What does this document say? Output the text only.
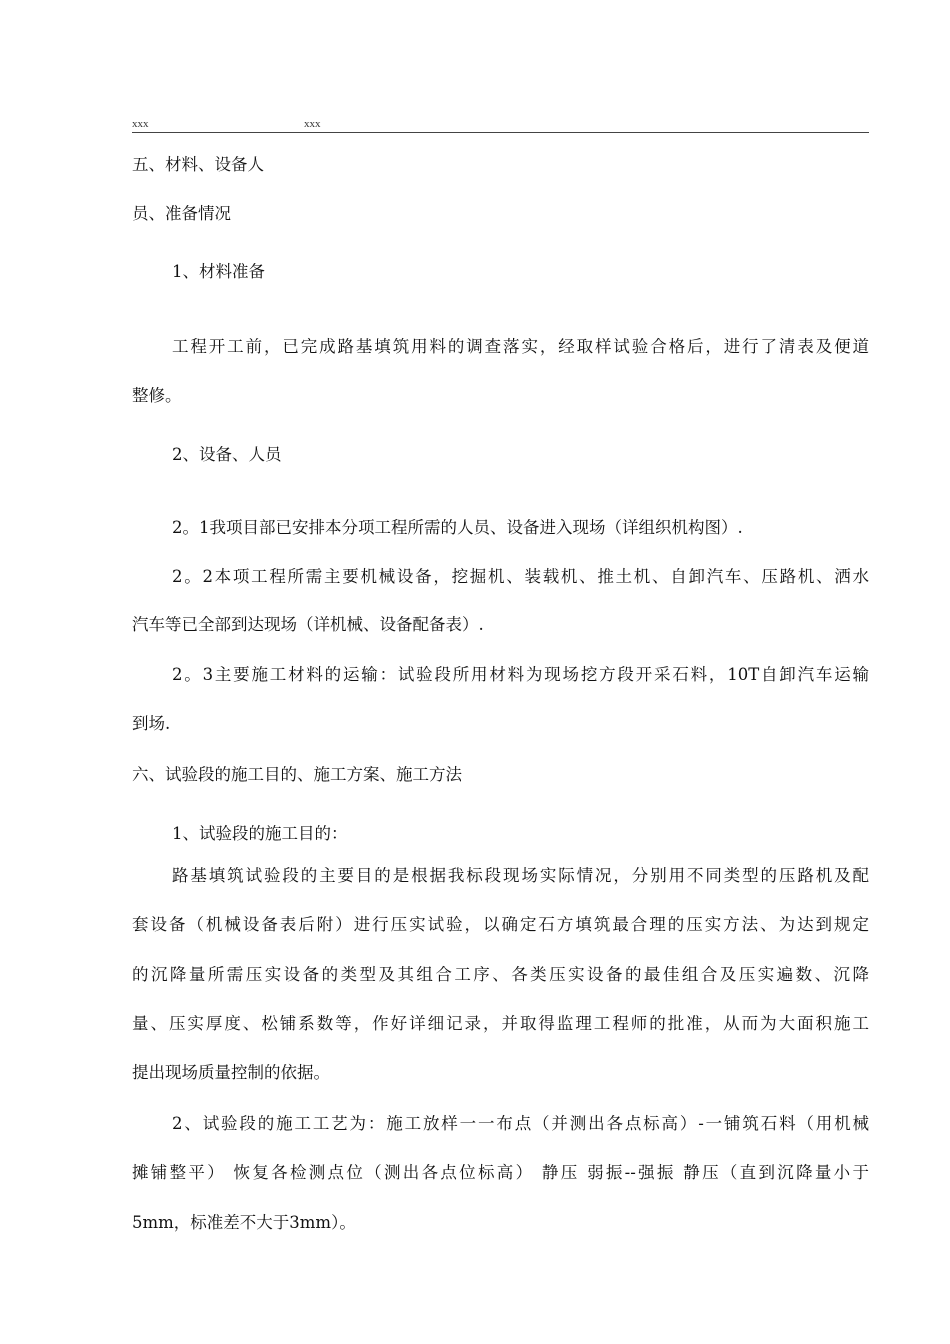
xxx	xxx
五、材料、设备人
员、准备情况
1、材料准备
工程开工前，已完成路基填筑用料的调查落实，经取样试验合格后，进行了清表及便道
整修。
2、设备、人员
2。1我项目部已安排本分项工程所需的人员、设备进入现场（详组织机构图）.
2。2本项工程所需主要机械设备，挖掘机、装载机、推土机、自卸汽车、压路机、洒水
汽车等已全部到达现场（详机械、设备配备表）.
2。3主要施工材料的运输：试验段所用材料为现场挖方段开采石料，10T自卸汽车运输
到场.
六、试验段的施工目的、施工方案、施工方法
1、试验段的施工目的：
路基填筑试验段的主要目的是根据我标段现场实际情况，分别用不同类型的压路机及配
套设备（机械设备表后附）进行压实试验，以确定石方填筑最合理的压实方法、为达到规定
的沉降量所需压实设备的类型及其组合工序、各类压实设备的最佳组合及压实遍数、沉降
量、压实厚度、松铺系数等，作好详细记录，并取得监理工程师的批准，从而为大面积施工
提出现场质量控制的依据。
2、试验段的施工工艺为：施工放样一一布点（并测出各点标高）-一铺筑石料（用机械
摊铺整平） 恢复各检测点位（测出各点位标高） 静压 弱振--强振 静压（直到沉降量小于
5mm，标准差不大于3mm）。
